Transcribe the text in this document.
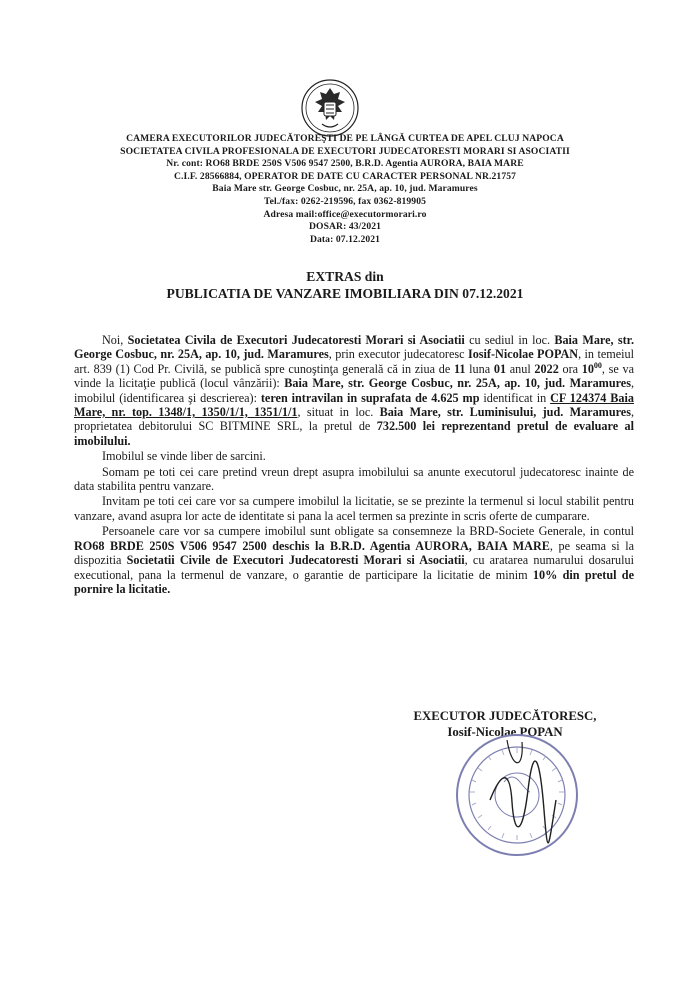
CAMERA EXECUTORILOR JUDECĂTOREŞTI DE PE LÂNGĂ CURTEA DE APEL CLUJ NAPOCA
SOCIETATEA CIVILA PROFESIONALA DE EXECUTORI JUDECATORESTI MORARI SI ASOCIATII
Nr. cont: RO68 BRDE 250S V506 9547 2500, B.R.D. Agentia AURORA, BAIA MARE
C.I.F. 28566884, OPERATOR DE DATE CU CARACTER PERSONAL NR.21757
Baia Mare str. George Cosbuc, nr. 25A, ap. 10, jud. Maramures
Tel./fax: 0262-219596, fax 0362-819905
Adresa mail:office@executormorari.ro
DOSAR: 43/2021
Data: 07.12.2021
EXTRAS din
PUBLICATIA DE VANZARE IMOBILIARA DIN 07.12.2021

Noi, Societatea Civila de Executori Judecatoresti Morari si Asociatii cu sediul in loc. Baia Mare, str. George Cosbuc, nr. 25A, ap. 10, jud. Maramures, prin executor judecatoresc Iosif-Nicolae POPAN, in temeiul art. 839 (1) Cod Pr. Civilă, se publică spre cunoştinţa generală că in ziua de 11 luna 01 anul 2022 ora $10^{00}$, se va vinde la licitaţie publică (locul vânzării): Baia Mare, str. George Cosbuc, nr. 25A, ap. 10, jud. Maramures, imobilul (identificarea şi descrierea): teren intravilan in suprafata de 4.625 mp identificat in CF 124374 Baia Mare, nr. top. 1348/1, 1350/1/1, 1351/1/1, situat in loc. Baia Mare, str. Luminisului, jud. Maramures, proprietatea debitorului SC BITMINE SRL, la pretul de 732.500 lei reprezentand pretul de evaluare al imobilului.

Imobilul se vinde liber de sarcini.

Somam pe toti cei care pretind vreun drept asupra imobilului sa anunte executorul judecatoresc inainte de data stabilita pentru vanzare.

Invitam pe toti cei care vor sa cumpere imobilul la licitatie, se se prezinte la termenul si locul stabilit pentru vanzare, avand asupra lor acte de identitate si pana la acel termen sa prezinte in scris oferte de cumparare.

Persoanele care vor sa cumpere imobilul sunt obligate sa consemneze la BRD-Societe Generale, in contul RO68 BRDE 250S V506 9547 2500 deschis la B.R.D. Agentia AURORA, BAIA MARE, pe seama si la dispozitia Societatii Civile de Executori Judecatoresti Morari si Asociatii, cu aratarea numarului dosarului executional, pana la termenul de vanzare, o garantie de participare la licitatie de minim 10% din pretul de pornire la licitatie.

EXECUTOR JUDECĂTORESC,
Iosif-Nicolae POPAN
